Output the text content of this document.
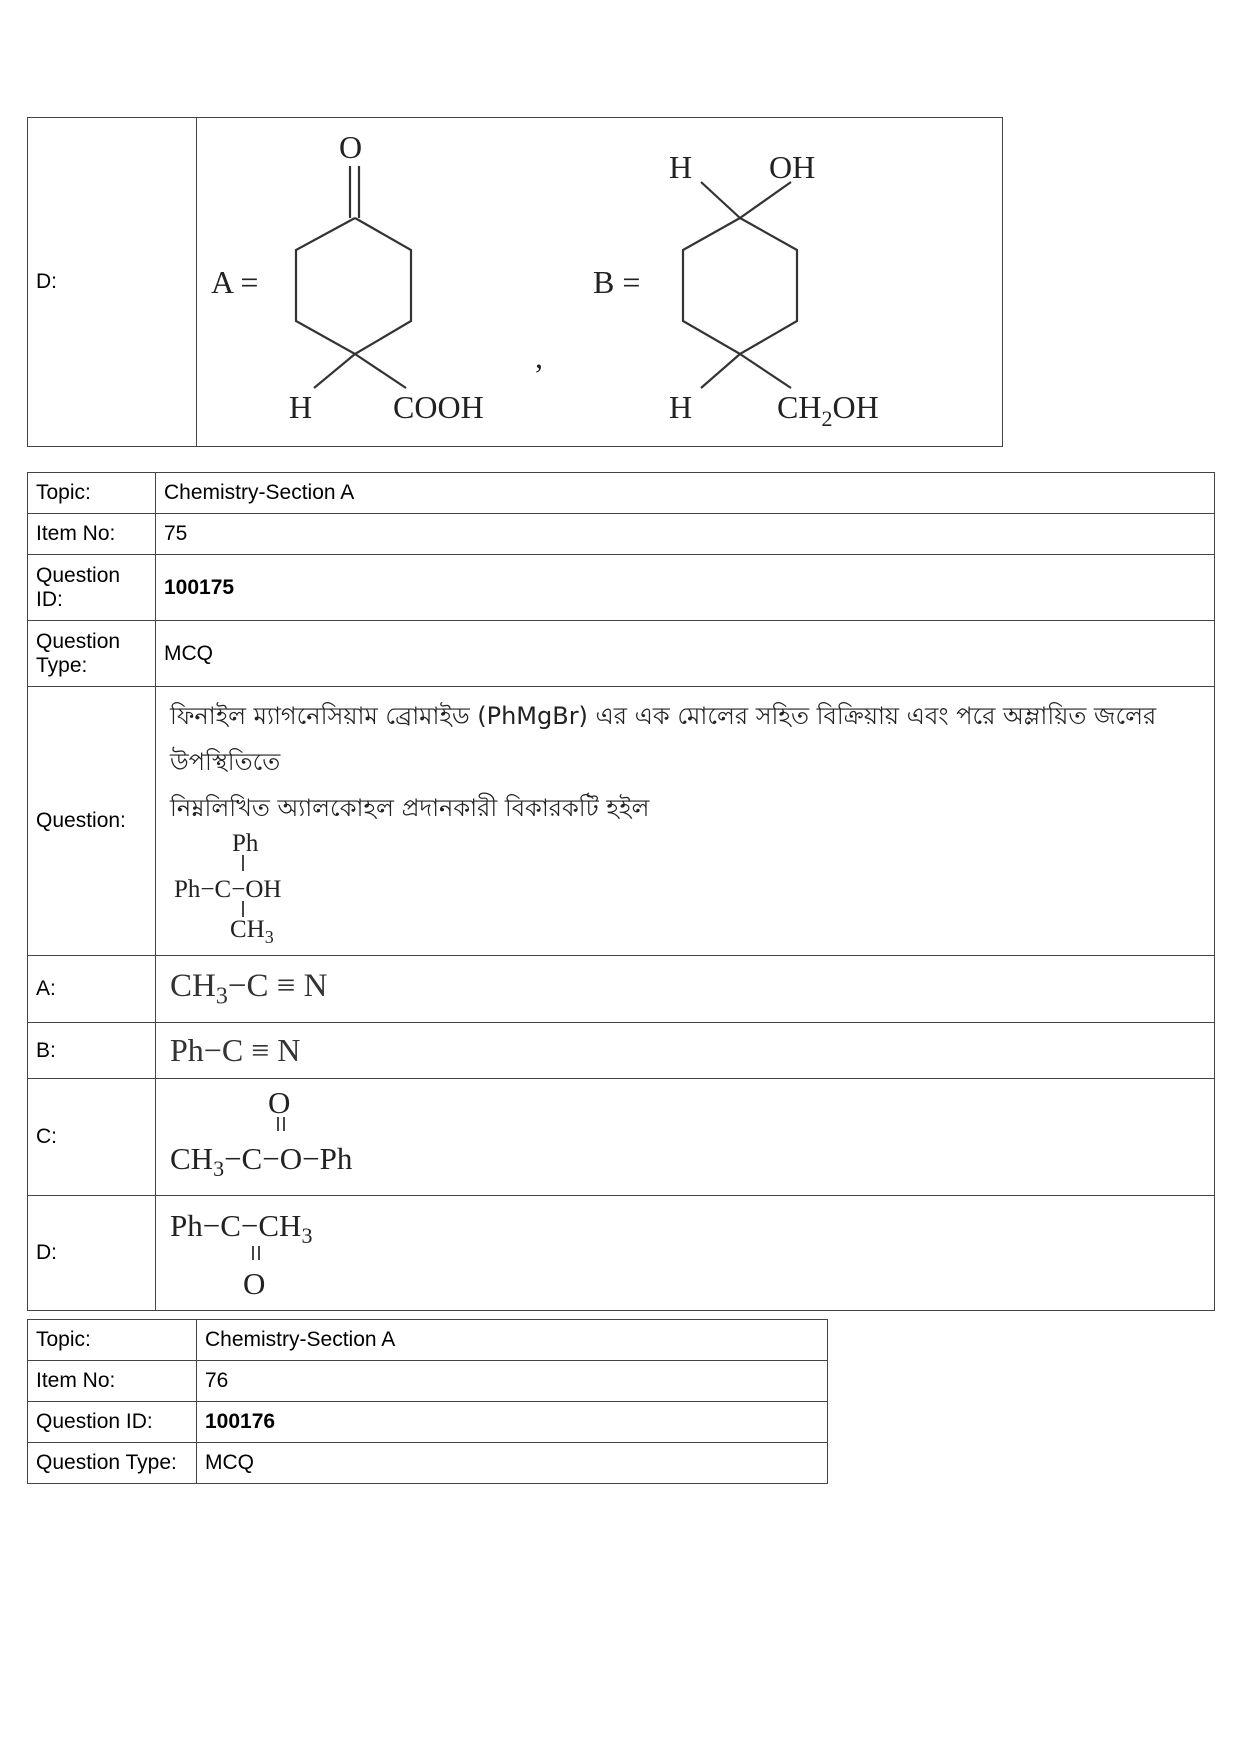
D:	A =
O
H	COOH
,
B =
H OH
H	$CH_2OH$
Topic:	Chemistry-Section A
Item No:	75
Question
ID:	100175
Question
Type:	MCQ
Question:	ফিনাইল ম্যাগনেসিয়াম ব্রোমাইড (PhMgBr) এর এক মোলের সহিত বিক্রিয়ায় এবং পরে অম্লায়িত জলের উপস্থিতিতে
নিম্নলিখিত অ্যালকোহল প্রদানকারী বিকারকটি হইল
Ph
Ph−C−OH
$CH_3$

A:	$CH_3-C \equiv N$
B:	Ph−C ≡ N
C:	O
$CH_3-C-O-Ph$

D:	$Ph-C-CH_3$
O
Topic:	Chemistry-Section A
Item No:	76
Question ID:	100176
Question Type:	MCQ
